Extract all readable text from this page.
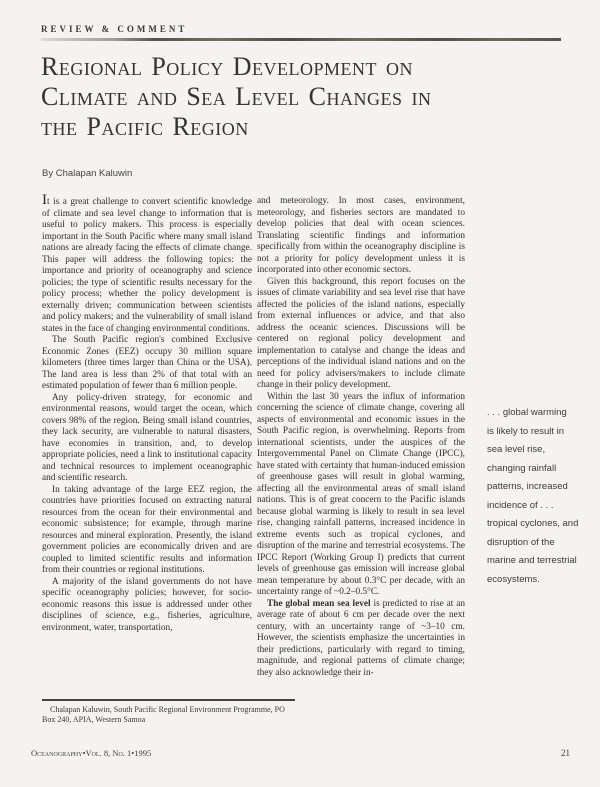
REVIEW & COMMENT
Regional Policy Development on
Climate and Sea Level Changes in
the Pacific Region
By Chalapan Kaluwin

It is a great challenge to convert scientific knowledge of climate and sea level change to information that is useful to policy makers. This process is especially important in the South Pacific where many small island nations are already facing the effects of climate change. This paper will address the following topics: the importance and priority of oceanography and science policies; the type of scientific results necessary for the policy process; whether the policy development is externally driven; communication between scientists and policy makers; and the vulnerability of small island states in the face of changing environmental conditions.

The South Pacific region's combined Exclusive Economic Zones (EEZ) occupy 30 million square kilometers (three times larger than China or the USA). The land area is less than 2% of that total with an estimated population of fewer than 6 million people.

Any policy-driven strategy, for economic and environmental reasons, would target the ocean, which covers 98% of the region. Being small island countries, they lack security, are vulnerable to natural disasters, have economies in transition, and, to develop appropriate policies, need a link to institutional capacity and technical resources to implement oceanographic and scientific research.

In taking advantage of the large EEZ region, the countries have priorities focused on extracting natural resources from the ocean for their environmental and economic subsistence; for example, through marine resources and mineral exploration. Presently, the island government policies are economically driven and are coupled to limited scientific results and information from their countries or regional institutions.

A majority of the island governments do not have specific oceanography policies; however, for socio-economic reasons this issue is addressed under other disciplines of science, e.g., fisheries, agriculture, environment, water, transportation,

and meteorology. In most cases, environment, meteorology, and fisheries sectors are mandated to develop policies that deal with ocean sciences. Translating scientific findings and information specifically from within the oceanography discipline is not a priority for policy development unless it is incorporated into other economic sectors.

Given this background, this report focuses on the issues of climate variability and sea level rise that have affected the policies of the island nations, especially from external influences or advice, and that also address the oceanic sciences. Discussions will be centered on regional policy development and implementation to catalyse and change the ideas and perceptions of the individual island nations and on the need for policy advisers/makers to include climate change in their policy development.

Within the last 30 years the influx of information concerning the science of climate change, covering all aspects of environmental and economic issues in the South Pacific region, is overwhelming. Reports from international scientists, under the auspices of the Intergovernmental Panel on Climate Change (IPCC), have stated with certainty that human-induced emission of greenhouse gases will result in global warming, affecting all the environmental areas of small island nations. This is of great concern to the Pacific islands because global warming is likely to result in sea level rise, changing rainfall patterns, increased incidence in extreme events such as tropical cyclones, and disruption of the marine and terrestrial ecosystems. The IPCC Report (Working Group I) predicts that current levels of greenhouse gas emission will increase global mean temperature by about 0.3°C per decade, with an uncertainty range of ~0.2–0.5°C.

The global mean sea level is predicted to rise at an average rate of about 6 cm per decade over the next century, with an uncertainty range of ~3–10 cm. However, the scientists emphasize the uncertainties in their predictions, particularly with regard to timing, magnitude, and regional patterns of climate change; they also acknowledge their in-

. . . global warming
is likely to result in
sea level rise,
changing rainfall
patterns, increased
incidence of . . .
tropical cyclones, and
disruption of the
marine and terrestrial
ecosystems.
Chalapan Kaluwin, South Pacific Regional Environment Programme, PO Box 240, APIA, Western Samoa
Oceanography•Vol. 8, No. 1•1995	21
